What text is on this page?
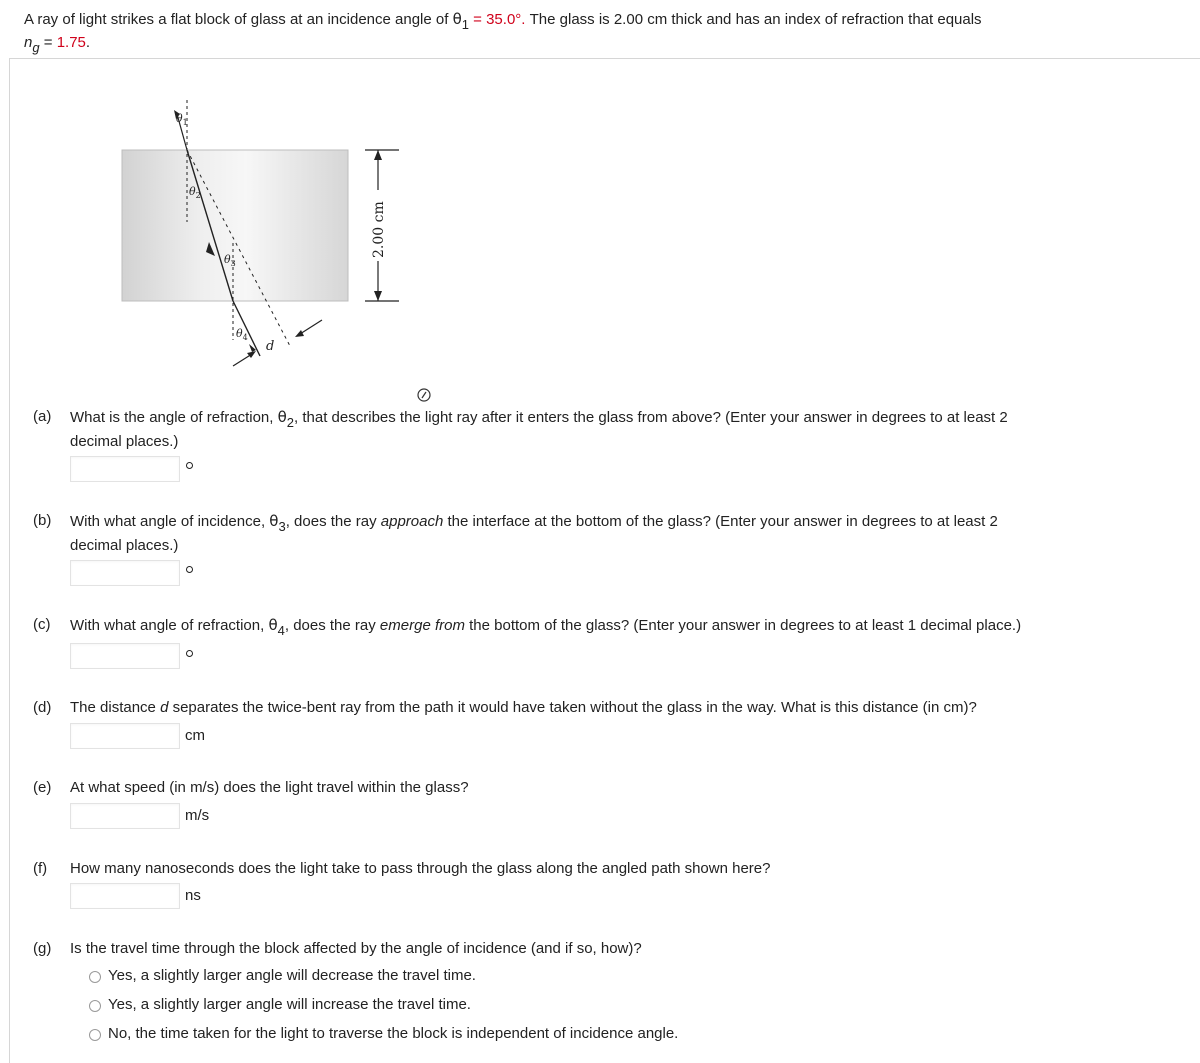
A ray of light strikes a flat block of glass at an incidence angle of $\theta_1 = 35.0^\circ$. The glass is 2.00 cm thick and has an index of refraction that equals
$n_g = 1.75$.
d
$\theta_1$
$\theta_2$
$\theta_3$
$\theta_4$
2.00 cm
(a) What is the angle of refraction, $\theta_2$, that describes the light ray after it enters the glass from above? (Enter your answer in degrees to at least 2
decimal places.)
(b) With what angle of incidence, $\theta_3$, does the ray approach the interface at the bottom of the glass? (Enter your answer in degrees to at least 2
decimal places.)
(c) With what angle of refraction, $\theta_4$, does the ray emerge from the bottom of the glass? (Enter your answer in degrees to at least 1 decimal place.)
(d) The distance d separates the twice-bent ray from the path it would have taken without the glass in the way. What is this distance (in cm)?
cm
(e) At what speed (in m/s) does the light travel within the glass?
m/s
(f) How many nanoseconds does the light take to pass through the glass along the angled path shown here?
ns
(g) Is the travel time through the block affected by the angle of incidence (and if so, how)?
Yes, a slightly larger angle will decrease the travel time.
Yes, a slightly larger angle will increase the travel time.
No, the time taken for the light to traverse the block is independent of incidence angle.
